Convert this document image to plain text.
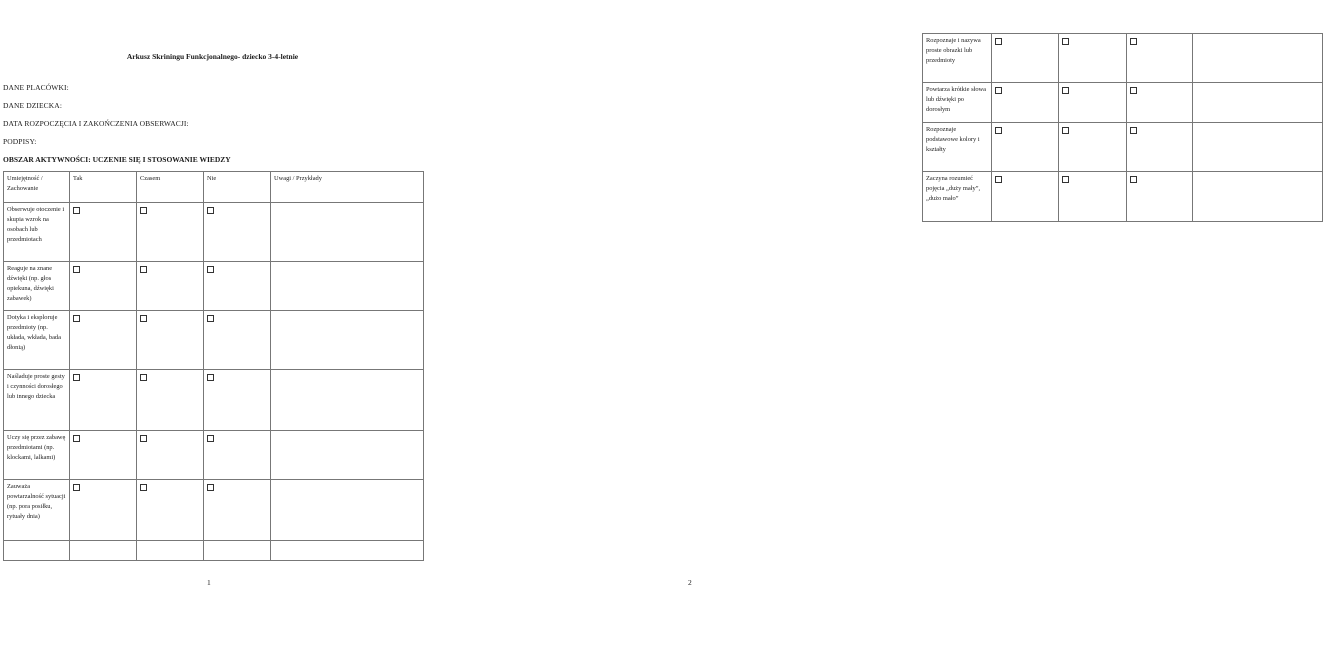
Arkusz Skriningu Funkcjonalnego- dziecko 3-4-letnie
DANE PLACÓWKI:
DANE DZIECKA:
DATA ROZPOCZĘCIA I ZAKOŃCZENIA OBSERWACJI:
PODPISY:
OBSZAR AKTYWNOŚCI: UCZENIE SIĘ I STOSOWANIE WIEDZY
Umiejętność / Zachowanie	Tak	Czasem	Nie	Uwagi / Przykłady
Obserwuje otoczenie i skupia wzrok na osobach lub przedmiotach				
Reaguje na znane dźwięki (np. głos opiekuna, dźwięki zabawek)				
Dotyka i eksploruje przedmioty (np. układa, wkłada, bada dłonią)				
Naśladuje proste gesty i czynności dorosłego lub innego dziecka				
Uczy się przez zabawę przedmiotami (np. klockami, lalkami)				
Zauważa powtarzalność sytuacji (np. pora posiłku, rytuały dnia)				

1
Rozpoznaje i nazywa proste obrazki lub przedmioty				
Powtarza krótkie słowa lub dźwięki po dorosłym				
Rozpoznaje podstawowe kolory i kształty				
Zaczyna rozumieć pojęcia „duży mały”, „dużo mało”				
2
